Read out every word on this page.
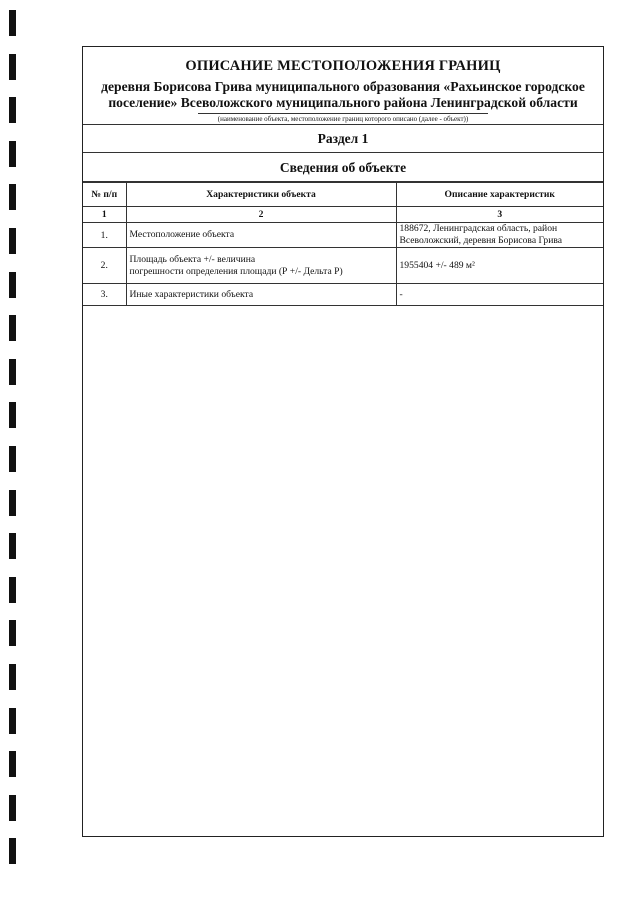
ОПИСАНИЕ МЕСТОПОЛОЖЕНИЯ ГРАНИЦ
деревня Борисова Грива муниципального образования «Рахьинское городское
поселение» Всеволожского муниципального района Ленинградской области
(наименование объекта, местоположение границ которого описано (далее - объект))
Раздел 1
Сведения об объекте
№ п/п	Характеристики объекта	Описание характеристик
1	2	3
1.	Местоположение объекта	188672, Ленинградская область, район
Всеволожский, деревня Борисова Грива
2.	Площадь объекта +/- величина
погрешности определения площади (Р +/- Дельта Р)	1955404 +/- 489 м²
3.	Иные характеристики объекта	-
